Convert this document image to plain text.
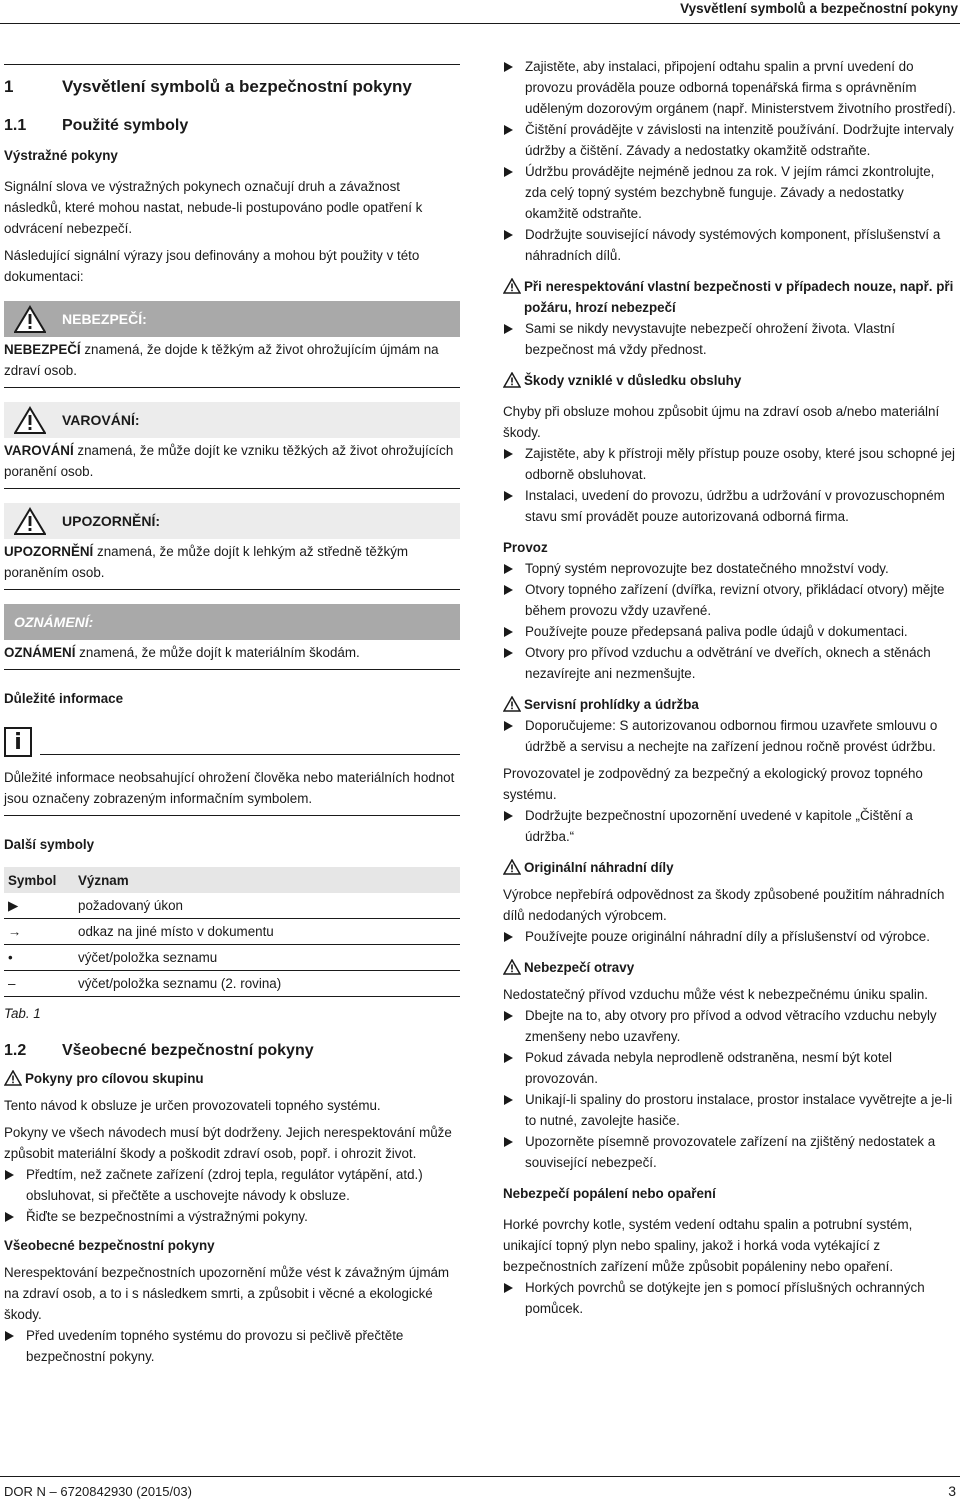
Vysvětlení symbolů a bezpečnostní pokyny
1	Vysvětlení symbolů a bezpečnostní pokyny
1.1 Použité symboly

Výstražné pokyny

Signální slova ve výstražných pokynech označují druh a závažnost následků, které mohou nastat, nebude-li postupováno podle opatření k odvrácení nebezpečí.

Následující signální výrazy jsou definovány a mohou být použity v této dokumentaci:

NEBEZPEČÍ:
NEBEZPEČÍ znamená, že dojde k těžkým až život ohrožujícím újmám na zdraví osob.
VAROVÁNÍ:
VAROVÁNÍ znamená, že může dojít ke vzniku těžkých až život ohrožujících poranění osob.
UPOZORNĚNÍ:
UPOZORNĚNÍ znamená, že může dojít k lehkým až středně těžkým poraněním osob.
OZNÁMENÍ:
OZNÁMENÍ znamená, že může dojít k materiálním škodám.

Důležité informace

i
Důležité informace neobsahující ohrožení člověka nebo materiálních hodnot jsou označeny zobrazeným informačním symbolem.

Další symboly

Symbol	Význam
▶	požadovaný úkon
→	odkaz na jiné místo v dokumentu
•	výčet/položka seznamu
–	výčet/položka seznamu (2. rovina)

Tab. 1

1.2 Všeobecné bezpečnostní pokyny
Pokyny pro cílovou skupinu

Tento návod k obsluze je určen provozovateli topného systému.

Pokyny ve všech návodech musí být dodrženy. Jejich nerespektování může způsobit materiální škody a poškodit zdraví osob, popř. i ohrozit život.

Předtím, než začnete zařízení (zdroj tepla, regulátor vytápění, atd.) obsluhovat, si přečtěte a uschovejte návody k obsluze.
Řiďte se bezpečnostními a výstražnými pokyny.

Všeobecné bezpečnostní pokyny

Nerespektování bezpečnostních upozornění může vést k závažným újmám na zdraví osob, a to i s následkem smrti, a způsobit i věcné a ekologické škody.

Před uvedením topného systému do provozu si pečlivě přečtěte bezpečnostní pokyny.
Zajistěte, aby instalaci, připojení odtahu spalin a první uvedení do provozu prováděla pouze odborná topenářská firma s oprávněním uděleným dozorovým orgánem (např. Ministerstvem životního prostředí).
Čištění provádějte v závislosti na intenzitě používání. Dodržujte intervaly údržby a čištění. Závady a nedostatky okamžitě odstraňte.
Údržbu provádějte nejméně jednou za rok. V jejím rámci zkontrolujte, zda celý topný systém bezchybně funguje. Závady a nedostatky okamžitě odstraňte.
Dodržujte související návody systémových komponent, příslušenství a náhradních dílů.
Při nerespektování vlastní bezpečnosti v případech nouze, např. při požáru, hrozí nebezpečí
Sami se nikdy nevystavujte nebezpečí ohrožení života. Vlastní bezpečnost má vždy přednost.
Škody vzniklé v důsledku obsluhy

Chyby při obsluze mohou způsobit újmu na zdraví osob a/nebo materiální škody.

Zajistěte, aby k přístroji měly přístup pouze osoby, které jsou schopné jej odborně obsluhovat.
Instalaci, uvedení do provozu, údržbu a udržování v provozuschopném stavu smí provádět pouze autorizovaná odborná firma.

Provoz

Topný systém neprovozujte bez dostatečného množství vody.
Otvory topného zařízení (dvířka, revizní otvory, přikládací otvory) mějte během provozu vždy uzavřené.
Používejte pouze předepsaná paliva podle údajů v dokumentaci.
Otvory pro přívod vzduchu a odvětrání ve dveřích, oknech a stěnách nezavírejte ani nezmenšujte.
Servisní prohlídky a údržba
Doporučujeme: S autorizovanou odbornou firmou uzavřete smlouvu o údržbě a servisu a nechejte na zařízení jednou ročně provést údržbu.

Provozovatel je zodpovědný za bezpečný a ekologický provoz topného systému.

Dodržujte bezpečnostní upozornění uvedené v kapitole „Čištění a údržba.“
Originální náhradní díly

Výrobce nepřebírá odpovědnost za škody způsobené použitím náhradních dílů nedodaných výrobcem.

Používejte pouze originální náhradní díly a příslušenství od výrobce.
Nebezpečí otravy

Nedostatečný přívod vzduchu může vést k nebezpečnému úniku spalin.

Dbejte na to, aby otvory pro přívod a odvod větracího vzduchu nebyly zmenšeny nebo uzavřeny.
Pokud závada nebyla neprodleně odstraněna, nesmí být kotel provozován.
Unikají-li spaliny do prostoru instalace, prostor instalace vyvětrejte a je-li to nutné, zavolejte hasiče.
Upozorněte písemně provozovatele zařízení na zjištěný nedostatek a související nebezpečí.

Nebezpečí popálení nebo opaření

Horké povrchy kotle, systém vedení odtahu spalin a potrubní systém, unikající topný plyn nebo spaliny, jakož i horká voda vytékající z bezpečnostních zařízení může způsobit popáleniny nebo opaření.

Horkých povrchů se dotýkejte jen s pomocí příslušných ochranných pomůcek.
DOR N – 6720842930 (2015/03)	3
